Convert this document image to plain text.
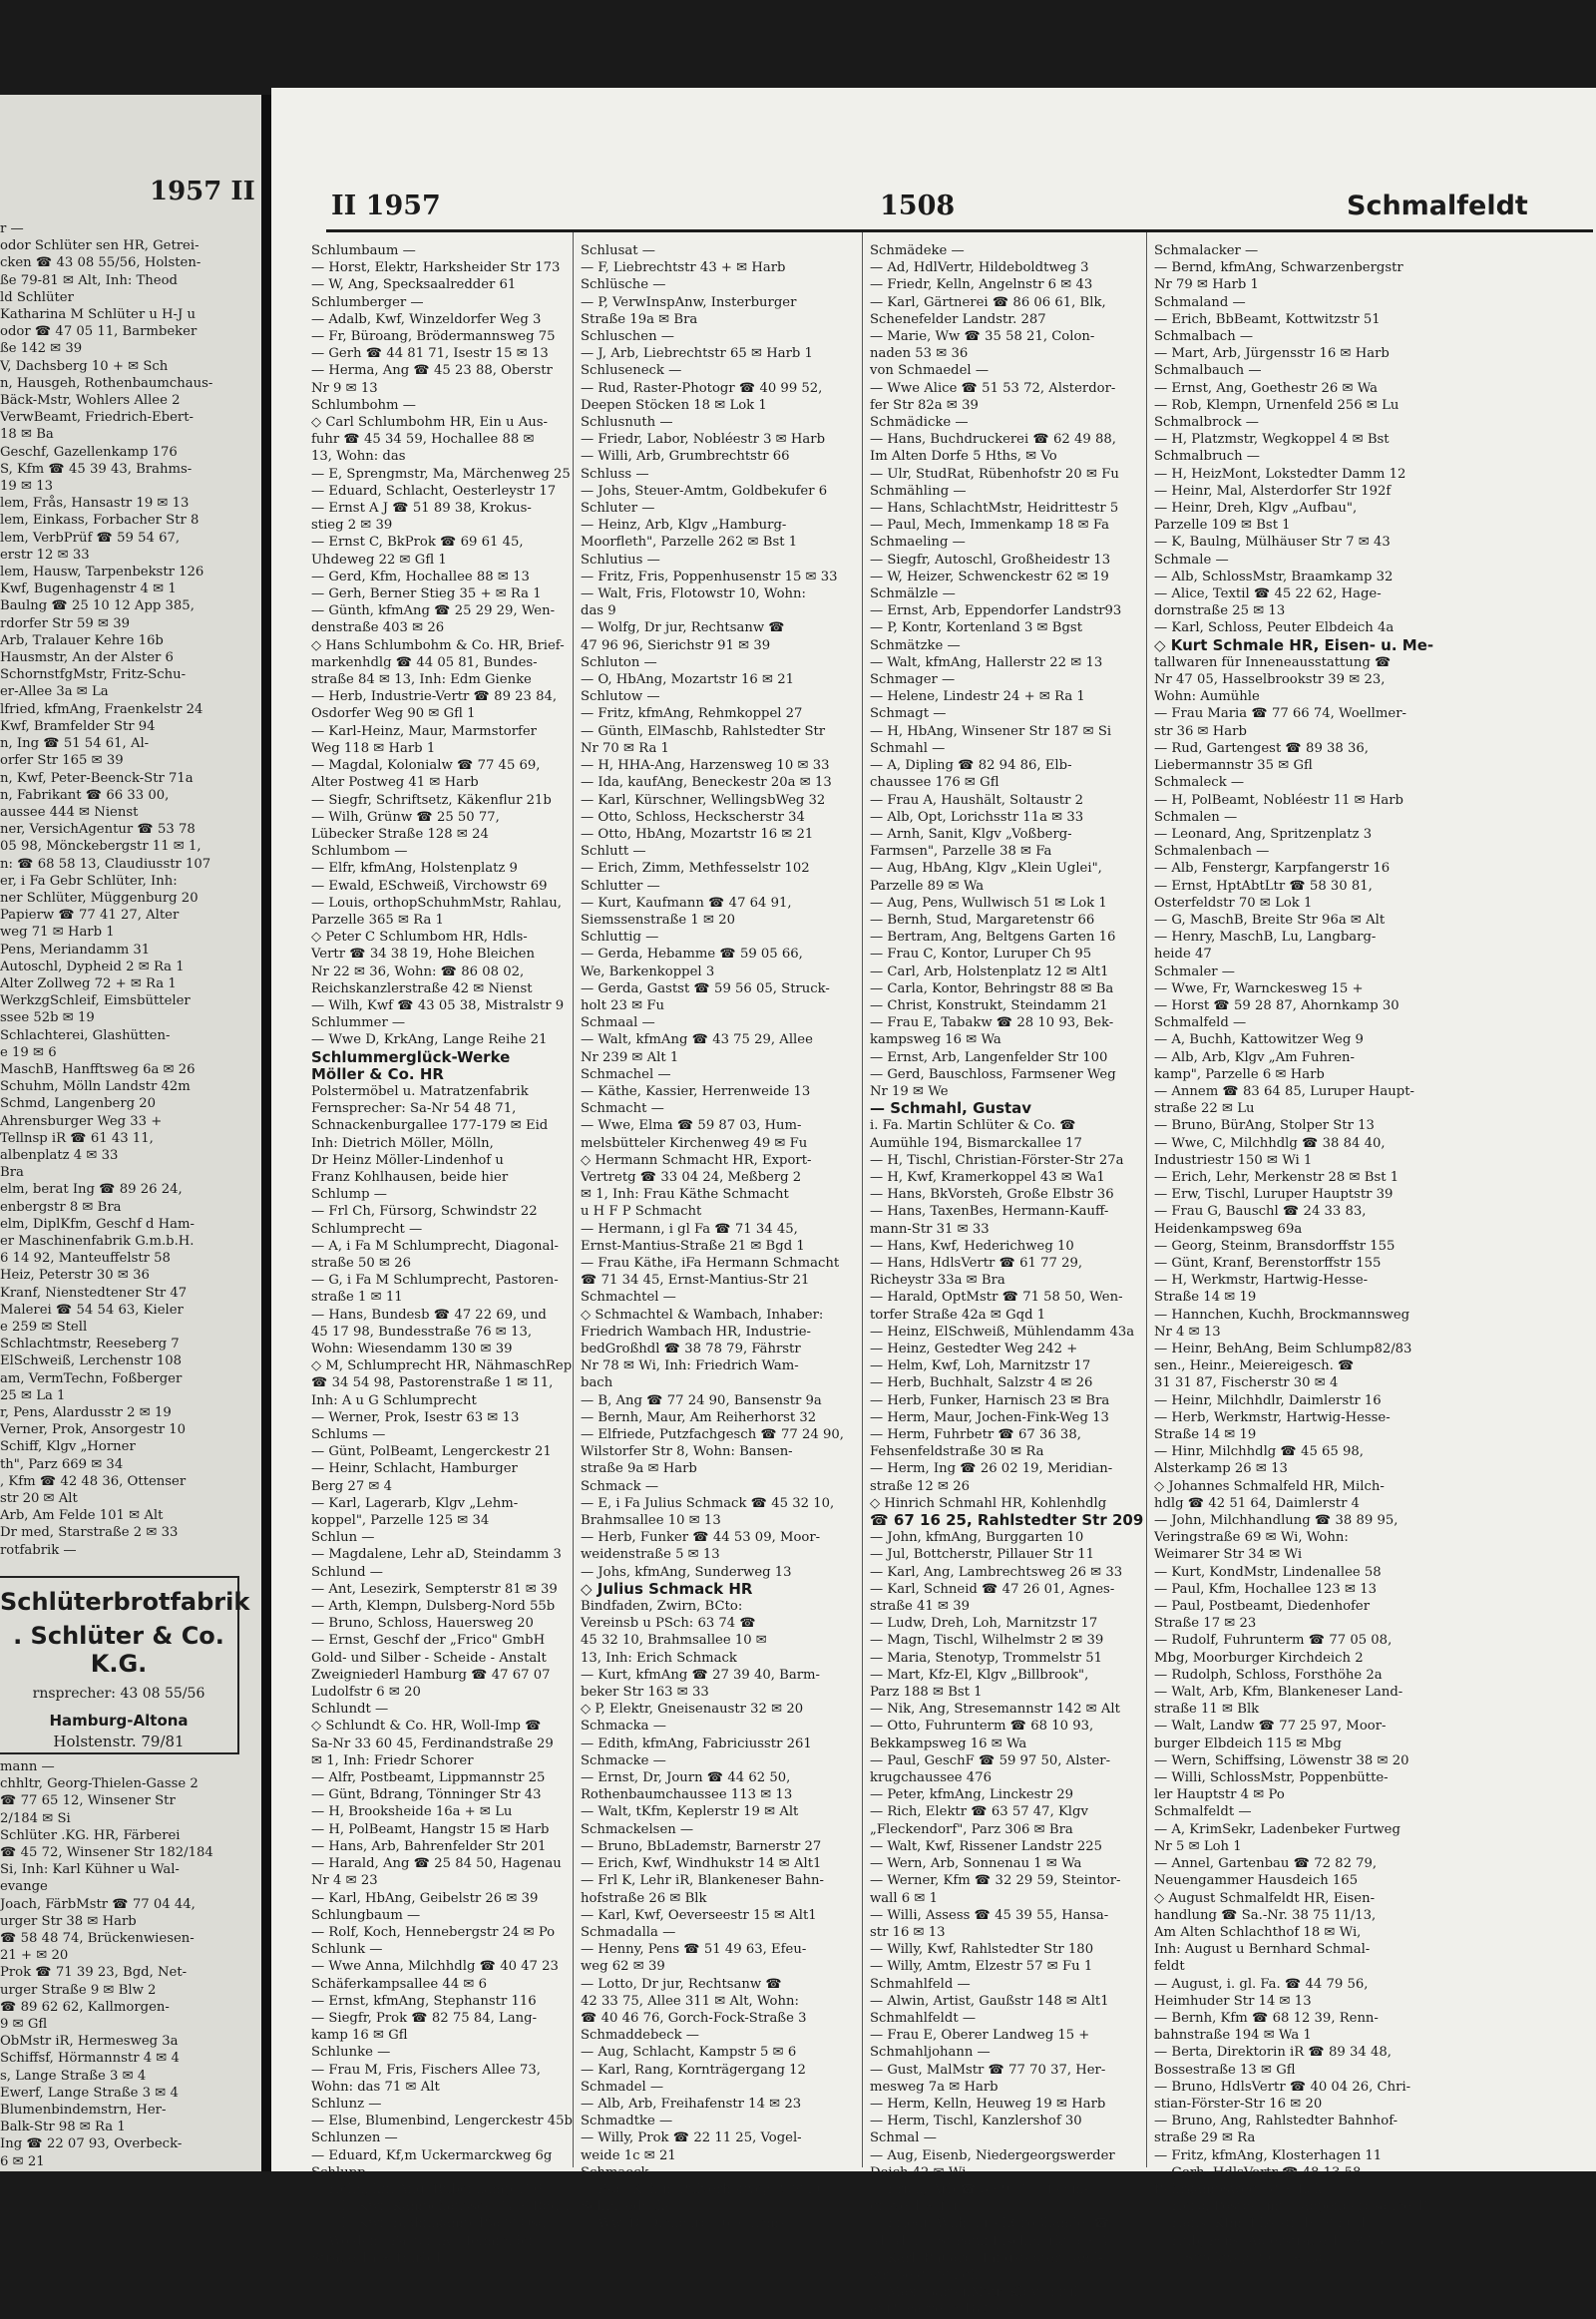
1957 II
r —
odor Schlüter sen HR, Getrei-
cken ☎ 43 08 55/56, Holsten-
ße 79-81 ✉ Alt, Inh: Theod
ld Schlüter
Katharina M Schlüter u H-J u
odor ☎ 47 05 11, Barmbeker
ße 142 ✉ 39
V, Dachsberg 10 + ✉ Sch
n, Hausgeh, Rothenbaumchaus-
Bäck-Mstr, Wohlers Allee 2
VerwBeamt, Friedrich-Ebert-
18 ✉ Ba
Geschf, Gazellenkamp 176
S, Kfm ☎ 45 39 43, Brahms-
19 ✉ 13
lem, Frås, Hansastr 19 ✉ 13
lem, Einkass, Forbacher Str 8
lem, VerbPrüf ☎ 59 54 67,
erstr 12 ✉ 33
lem, Hausw, Tarpenbekstr 126
Kwf, Bugenhagenstr 4 ✉ 1
Baulng ☎ 25 10 12 App 385,
rdorfer Str 59 ✉ 39
Arb, Tralauer Kehre 16b
Hausmstr, An der Alster 6
SchornstfgMstr, Fritz-Schu-
er-Allee 3a ✉ La
lfried, kfmAng, Fraenkelstr 24
Kwf, Bramfelder Str 94
n, Ing ☎ 51 54 61, Al-
orfer Str 165 ✉ 39
n, Kwf, Peter-Beenck-Str 71a
n, Fabrikant ☎ 66 33 00,
aussee 444 ✉ Nienst
ner, VersichAgentur ☎ 53 78
05 98, Mönckebergstr 11 ✉ 1,
n: ☎ 68 58 13, Claudiusstr 107
er, i Fa Gebr Schlüter, Inh:
ner Schlüter, Müggenburg 20
Papierw ☎ 77 41 27, Alter
weg 71 ✉ Harb 1
Pens, Meriandamm 31
Autoschl, Dypheid 2 ✉ Ra 1
Alter Zollweg 72 + ✉ Ra 1
WerkzgSchleif, Eimsbütteler
ssee 52b ✉ 19
Schlachterei, Glashütten-
e 19 ✉ 6
MaschB, Hanfftsweg 6a ✉ 26
Schuhm, Mölln Landstr 42m
Schmd, Langenberg 20
Ahrensburger Weg 33 +
Tellnsp iR ☎ 61 43 11,
albenplatz 4 ✉ 33
Bra
elm, berat Ing ☎ 89 26 24,
enbergstr 8 ✉ Bra
elm, DiplKfm, Geschf d Ham-
er Maschinenfabrik G.m.b.H.
6 14 92, Manteuffelstr 58
Heiz, Peterstr 30 ✉ 36
Kranf, Nienstedtener Str 47
Malerei ☎ 54 54 63, Kieler
e 259 ✉ Stell
Schlachtmstr, Reeseberg 7
ElSchweiß, Lerchenstr 108
am, VermTechn, Foßberger
25 ✉ La 1
r, Pens, Alardusstr 2 ✉ 19
Verner, Prok, Ansorgestr 10
Schiff, Klgv „Horner
th", Parz 669 ✉ 34
, Kfm ☎ 42 48 36, Ottenser
str 20 ✉ Alt
Arb, Am Felde 101 ✉ Alt
Dr med, Starstraße 2 ✉ 33
rotfabrik —
Schlüterbrotfabrik
. Schlüter & Co. K.G.
rnsprecher: 43 08 55/56
Hamburg-Altona
Holstenstr. 79/81
mann —
chhltr, Georg-Thielen-Gasse 2
☎ 77 65 12, Winsener Str
2/184 ✉ Si
Schlüter .KG. HR, Färberei
☎ 45 72, Winsener Str 182/184
Si, Inh: Karl Kühner u Wal-
evange
Joach, FärbMstr ☎ 77 04 44,
urger Str 38 ✉ Harb
☎ 58 48 74, Brückenwiesen-
21 + ✉ 20
Prok ☎ 71 39 23, Bgd, Net-
urger Straße 9 ✉ Blw 2
☎ 89 62 62, Kallmorgen-
9 ✉ Gfl
ObMstr iR, Hermesweg 3a
Schiffsf, Hörmannstr 4 ✉ 4
s, Lange Straße 3 ✉ 4
Ewerf, Lange Straße 3 ✉ 4
Blumenbindemstrn, Her-
Balk-Str 98 ✉ Ra 1
Ing ☎ 22 07 93, Overbeck-
6 ✉ 21
II 1957	1508	Schmalfeldt
Schlumbaum —
— Horst, Elektr, Harksheider Str 173
— W, Ang, Specksaalredder 61
Schlumberger —
— Adalb, Kwf, Winzeldorfer Weg 3
— Fr, Büroang, Brödermannsweg 75
— Gerh ☎ 44 81 71, Isestr 15 ✉ 13
— Herma, Ang ☎ 45 23 88, Oberstr
Nr 9 ✉ 13
Schlumbohm —
◇ Carl Schlumbohm HR, Ein u Aus-
fuhr ☎ 45 34 59, Hochallee 88 ✉
13, Wohn: das
— E, Sprengmstr, Ma, Märchenweg 25
— Eduard, Schlacht, Oesterleystr 17
— Ernst A J ☎ 51 89 38, Krokus-
stieg 2 ✉ 39
— Ernst C, BkProk ☎ 69 61 45,
Uhdeweg 22 ✉ Gfl 1
— Gerd, Kfm, Hochallee 88 ✉ 13
— Gerh, Berner Stieg 35 + ✉ Ra 1
— Günth, kfmAng ☎ 25 29 29, Wen-
denstraße 403 ✉ 26
◇ Hans Schlumbohm & Co. HR, Brief-
markenhdlg ☎ 44 05 81, Bundes-
straße 84 ✉ 13, Inh: Edm Gienke
— Herb, Industrie-Vertr ☎ 89 23 84,
Osdorfer Weg 90 ✉ Gfl 1
— Karl-Heinz, Maur, Marmstorfer
Weg 118 ✉ Harb 1
— Magdal, Kolonialw ☎ 77 45 69,
Alter Postweg 41 ✉ Harb
— Siegfr, Schriftsetz, Käkenflur 21b
— Wilh, Grünw ☎ 25 50 77,
Lübecker Straße 128 ✉ 24
Schlumbom —
— Elfr, kfmAng, Holstenplatz 9
— Ewald, ESchweiß, Virchowstr 69
— Louis, orthopSchuhmMstr, Rahlau,
Parzelle 365 ✉ Ra 1
◇ Peter C Schlumbom HR, Hdls-
Vertr ☎ 34 38 19, Hohe Bleichen
Nr 22 ✉ 36, Wohn: ☎ 86 08 02,
Reichskanzlerstraße 42 ✉ Nienst
— Wilh, Kwf ☎ 43 05 38, Mistralstr 9
Schlummer —
— Wwe D, KrkAng, Lange Reihe 21
Schlummerglück-Werke
Möller & Co. HR
Polstermöbel u. Matratzenfabrik
Fernsprecher: Sa-Nr 54 48 71,
Schnackenburgallee 177-179 ✉ Eid
Inh: Dietrich Möller, Mölln,
Dr Heinz Möller-Lindenhof u
Franz Kohlhausen, beide hier
Schlump —
— Frl Ch, Fürsorg, Schwindstr 22
Schlumprecht —
— A, i Fa M Schlumprecht, Diagonal-
straße 50 ✉ 26
— G, i Fa M Schlumprecht, Pastoren-
straße 1 ✉ 11
— Hans, Bundesb ☎ 47 22 69, und
45 17 98, Bundesstraße 76 ✉ 13,
Wohn: Wiesendamm 130 ✉ 39
◇ M, Schlumprecht HR, NähmaschRep
☎ 34 54 98, Pastorenstraße 1 ✉ 11,
Inh: A u G Schlumprecht
— Werner, Prok, Isestr 63 ✉ 13
Schlums —
— Günt, PolBeamt, Lengerckestr 21
— Heinr, Schlacht, Hamburger
Berg 27 ✉ 4
— Karl, Lagerarb, Klgv „Lehm-
koppel", Parzelle 125 ✉ 34
Schlun —
— Magdalene, Lehr aD, Steindamm 3
Schlund —
— Ant, Lesezirk, Sempterstr 81 ✉ 39
— Arth, Klempn, Dulsberg-Nord 55b
— Bruno, Schloss, Hauersweg 20
— Ernst, Geschf der „Frico" GmbH
Gold- und Silber - Scheide - Anstalt
Zweigniederl Hamburg ☎ 47 67 07
Ludolfstr 6 ✉ 20
Schlundt —
◇ Schlundt & Co. HR, Woll-Imp ☎
Sa-Nr 33 60 45, Ferdinandstraße 29
✉ 1, Inh: Friedr Schorer
— Alfr, Postbeamt, Lippmannstr 25
— Günt, Bdrang, Tönninger Str 43
— H, Brooksheide 16a + ✉ Lu
— H, PolBeamt, Hangstr 15 ✉ Harb
— Hans, Arb, Bahrenfelder Str 201
— Harald, Ang ☎ 25 84 50, Hagenau
Nr 4 ✉ 23
— Karl, HbAng, Geibelstr 26 ✉ 39
Schlungbaum —
— Rolf, Koch, Hennebergstr 24 ✉ Po
Schlunk —
— Wwe Anna, Milchhdlg ☎ 40 47 23
Schäferkampsallee 44 ✉ 6
— Ernst, kfmAng, Stephanstr 116
— Siegfr, Prok ☎ 82 75 84, Lang-
kamp 16 ✉ Gfl
Schlunke —
— Frau M, Fris, Fischers Allee 73,
Wohn: das 71 ✉ Alt
Schlunz —
— Else, Blumenbind, Lengerckestr 45b
Schlunzen —
— Eduard, Kf,m Uckermarckweg 6g
Schlupp —
— Helm, kfmAng, Rübenkamp 136
— Joh, Kwf, Kampchaussee 74 ✉ Bgd 1
— Joh, Kwf, Blohmkamp 48a ✉ Osd
— Woldem, Pastor iR, Heimfelder
Straße 1a ✉ Harb 1
Schlusat —
— F, Liebrechtstr 43 + ✉ Harb
Schlüsche —
— P, VerwInspAnw, Insterburger
Straße 19a ✉ Bra
Schluschen —
— J, Arb, Liebrechtstr 65 ✉ Harb 1
Schluseneck —
— Rud, Raster-Photogr ☎ 40 99 52,
Deepen Stöcken 18 ✉ Lok 1
Schlusnuth —
— Friedr, Labor, Nobléestr 3 ✉ Harb
— Willi, Arb, Grumbrechtstr 66
Schluss —
— Johs, Steuer-Amtm, Goldbekufer 6
Schluter —
— Heinz, Arb, Klgv „Hamburg-
Moorfleth", Parzelle 262 ✉ Bst 1
Schlutius —
— Fritz, Fris, Poppenhusenstr 15 ✉ 33
— Walt, Fris, Flotowstr 10, Wohn:
das 9
— Wolfg, Dr jur, Rechtsanw ☎
47 96 96, Sierichstr 91 ✉ 39
Schluton —
— O, HbAng, Mozartstr 16 ✉ 21
Schlutow —
— Fritz, kfmAng, Rehmkoppel 27
— Günth, ElMaschb, Rahlstedter Str
Nr 70 ✉ Ra 1
— H, HHA-Ang, Harzensweg 10 ✉ 33
— Ida, kaufAng, Beneckestr 20a ✉ 13
— Karl, Kürschner, WellingsbWeg 32
— Otto, Schloss, Heckscherstr 34
— Otto, HbAng, Mozartstr 16 ✉ 21
Schlutt —
— Erich, Zimm, Methfesselstr 102
Schlutter —
— Kurt, Kaufmann ☎ 47 64 91,
Siemssenstraße 1 ✉ 20
Schluttig —
— Gerda, Hebamme ☎ 59 05 66,
We, Barkenkoppel 3
— Gerda, Gastst ☎ 59 56 05, Struck-
holt 23 ✉ Fu
Schmaal —
— Walt, kfmAng ☎ 43 75 29, Allee
Nr 239 ✉ Alt 1
Schmachel —
— Käthe, Kassier, Herrenweide 13
Schmacht —
— Wwe, Elma ☎ 59 87 03, Hum-
melsbütteler Kirchenweg 49 ✉ Fu
◇ Hermann Schmacht HR, Export-
Vertretg ☎ 33 04 24, Meßberg 2
✉ 1, Inh: Frau Käthe Schmacht
u H F P Schmacht
— Hermann, i gl Fa ☎ 71 34 45,
Ernst-Mantius-Straße 21 ✉ Bgd 1
— Frau Käthe, iFa Hermann Schmacht
☎ 71 34 45, Ernst-Mantius-Str 21
Schmachtel —
◇ Schmachtel & Wambach, Inhaber:
Friedrich Wambach HR, Industrie-
bedGroßhdl ☎ 38 78 79, Fährstr
Nr 78 ✉ Wi, Inh: Friedrich Wam-
bach
— B, Ang ☎ 77 24 90, Bansenstr 9a
— Bernh, Maur, Am Reiherhorst 32
— Elfriede, Putzfachgesch ☎ 77 24 90,
Wilstorfer Str 8, Wohn: Bansen-
straße 9a ✉ Harb
Schmack —
— E, i Fa Julius Schmack ☎ 45 32 10,
Brahmsallee 10 ✉ 13
— Herb, Funker ☎ 44 53 09, Moor-
weidenstraße 5 ✉ 13
— Johs, kfmAng, Sunderweg 13
◇ Julius Schmack HR
Bindfaden, Zwirn, BCto:
Vereinsb u PSch: 63 74 ☎
45 32 10, Brahmsallee 10 ✉
13, Inh: Erich Schmack
— Kurt, kfmAng ☎ 27 39 40, Barm-
beker Str 163 ✉ 33
◇ P, Elektr, Gneisenaustr 32 ✉ 20
Schmacka —
— Edith, kfmAng, Fabriciusstr 261
Schmacke —
— Ernst, Dr, Journ ☎ 44 62 50,
Rothenbaumchaussee 113 ✉ 13
— Walt, tKfm, Keplerstr 19 ✉ Alt
Schmackelsen —
— Bruno, BbLademstr, Barnerstr 27
— Erich, Kwf, Windhukstr 14 ✉ Alt1
— Frl K, Lehr iR, Blankeneser Bahn-
hofstraße 26 ✉ Blk
— Karl, Kwf, Oeverseestr 15 ✉ Alt1
Schmadalla —
— Henny, Pens ☎ 51 49 63, Efeu-
weg 62 ✉ 39
— Lotto, Dr jur, Rechtsanw ☎
42 33 75, Allee 311 ✉ Alt, Wohn:
☎ 40 46 76, Gorch-Fock-Straße 3
Schmaddebeck —
— Aug, Schlacht, Kampstr 5 ✉ 6
— Karl, Rang, Kornträgergang 12
Schmadel —
— Alb, Arb, Freihafenstr 14 ✉ 23
Schmadtke —
— Willy, Prok ☎ 22 11 25, Vogel-
weide 1c ✉ 21
Schmaeck —
— Rob, Kohln, Pulverhofweg78 ✉ Fu
Schmaedecke —
— Ww, D, Diekbarg 36 + Lems
Schmädeke —
— Ad, HdlVertr, Hildeboldtweg 3
— Friedr, Kelln, Angelnstr 6 ✉ 43
— Karl, Gärtnerei ☎ 86 06 61, Blk,
Schenefelder Landstr. 287
— Marie, Ww ☎ 35 58 21, Colon-
naden 53 ✉ 36
von Schmaedel —
— Wwe Alice ☎ 51 53 72, Alsterdor-
fer Str 82a ✉ 39
Schmädicke —
— Hans, Buchdruckerei ☎ 62 49 88,
Im Alten Dorfe 5 Hths, ✉ Vo
— Ulr, StudRat, Rübenhofstr 20 ✉ Fu
Schmähling —
— Hans, SchlachtMstr, Heidrittestr 5
— Paul, Mech, Immenkamp 18 ✉ Fa
Schmaeling —
— Siegfr, Autoschl, Großheidestr 13
— W, Heizer, Schwenckestr 62 ✉ 19
Schmälzle —
— Ernst, Arb, Eppendorfer Landstr93
— P, Kontr, Kortenland 3 ✉ Bgst
Schmätzke —
— Walt, kfmAng, Hallerstr 22 ✉ 13
Schmager —
— Helene, Lindestr 24 + ✉ Ra 1
Schmagt —
— H, HbAng, Winsener Str 187 ✉ Si
Schmahl —
— A, Dipling ☎ 82 94 86, Elb-
chaussee 176 ✉ Gfl
— Frau A, Haushält, Soltaustr 2
— Alb, Opt, Lorichsstr 11a ✉ 33
— Arnh, Sanit, Klgv „Voßberg-
Farmsen", Parzelle 38 ✉ Fa
— Aug, HbAng, Klgv „Klein Uglei",
Parzelle 89 ✉ Wa
— Aug, Pens, Wullwisch 51 ✉ Lok 1
— Bernh, Stud, Margaretenstr 66
— Bertram, Ang, Beltgens Garten 16
— Frau C, Kontor, Luruper Ch 95
— Carl, Arb, Holstenplatz 12 ✉ Alt1
— Carla, Kontor, Behringstr 88 ✉ Ba
— Christ, Konstrukt, Steindamm 21
— Frau E, Tabakw ☎ 28 10 93, Bek-
kampsweg 16 ✉ Wa
— Ernst, Arb, Langenfelder Str 100
— Gerd, Bauschloss, Farmsener Weg
Nr 19 ✉ We
— Schmahl, Gustav
i. Fa. Martin Schlüter & Co. ☎
Aumühle 194, Bismarckallee 17
— H, Tischl, Christian-Förster-Str 27a
— H, Kwf, Kramerkoppel 43 ✉ Wa1
— Hans, BkVorsteh, Große Elbstr 36
— Hans, TaxenBes, Hermann-Kauff-
mann-Str 31 ✉ 33
— Hans, Kwf, Hederichweg 10
— Hans, HdlsVertr ☎ 61 77 29,
Richeystr 33a ✉ Bra
— Harald, OptMstr ☎ 71 58 50, Wen-
torfer Straße 42a ✉ Gqd 1
— Heinz, ElSchweiß, Mühlendamm 43a
— Heinz, Gestedter Weg 242 +
— Helm, Kwf, Loh, Marnitzstr 17
— Herb, Buchhalt, Salzstr 4 ✉ 26
— Herb, Funker, Harnisch 23 ✉ Bra
— Herm, Maur, Jochen-Fink-Weg 13
— Herm, Fuhrbetr ☎ 67 36 38,
Fehsenfeldstraße 30 ✉ Ra
— Herm, Ing ☎ 26 02 19, Meridian-
straße 12 ✉ 26
◇ Hinrich Schmahl HR, Kohlenhdlg
☎ 67 16 25, Rahlstedter Str 209
— John, kfmAng, Burggarten 10
— Jul, Bottcherstr, Pillauer Str 11
— Karl, Ang, Lambrechtsweg 26 ✉ 33
— Karl, Schneid ☎ 47 26 01, Agnes-
straße 41 ✉ 39
— Ludw, Dreh, Loh, Marnitzstr 17
— Magn, Tischl, Wilhelmstr 2 ✉ 39
— Maria, Stenotyp, Trommelstr 51
— Mart, Kfz-El, Klgv „Billbrook",
Parz 188 ✉ Bst 1
— Nik, Ang, Stresemannstr 142 ✉ Alt
— Otto, Fuhrunterm ☎ 68 10 93,
Bekkampsweg 16 ✉ Wa
— Paul, GeschF ☎ 59 97 50, Alster-
krugchaussee 476
— Peter, kfmAng, Linckestr 29
— Rich, Elektr ☎ 63 57 47, Klgv
„Fleckendorf", Parz 306 ✉ Bra
— Walt, Kwf, Rissener Landstr 225
— Wern, Arb, Sonnenau 1 ✉ Wa
— Werner, Kfm ☎ 32 29 59, Steintor-
wall 6 ✉ 1
— Willi, Assess ☎ 45 39 55, Hansa-
str 16 ✉ 13
— Willy, Kwf, Rahlstedter Str 180
— Willy, Amtm, Elzestr 57 ✉ Fu 1
Schmahlfeld —
— Alwin, Artist, Gaußstr 148 ✉ Alt1
Schmahlfeldt —
— Frau E, Oberer Landweg 15 +
Schmahljohann —
— Gust, MalMstr ☎ 77 70 37, Her-
mesweg 7a ✉ Harb
— Herm, Kelln, Heuweg 19 ✉ Harb
— Herm, Tischl, Kanzlershof 30
Schmal —
— Aug, Eisenb, Niedergeorgswerder
Deich 42 ✉ Wi
— Erich, Arb ☎ 59 95 75, Leem-
grove 4 ✉ Fu
— Friedr, Wilh, FischGroßhandel ☎
31 31 13, St.Pauli Fischmarkt 5 ✉ 4
— Karl, Bauarb, Tangstedter Land-
straße 87 ✉ Lgh
— Max, GartenMstr, Klgv „Früh
auf", Parzelle 183 ✉ 20
Schmalacker —
— Bernd, kfmAng, Schwarzenbergstr
Nr 79 ✉ Harb 1
Schmaland —
— Erich, BbBeamt, Kottwitzstr 51
Schmalbach —
— Mart, Arb, Jürgensstr 16 ✉ Harb
Schmalbauch —
— Ernst, Ang, Goethestr 26 ✉ Wa
— Rob, Klempn, Urnenfeld 256 ✉ Lu
Schmalbrock —
— H, Platzmstr, Wegkoppel 4 ✉ Bst
Schmalbruch —
— H, HeizMont, Lokstedter Damm 12
— Heinr, Mal, Alsterdorfer Str 192f
— Heinr, Dreh, Klgv „Aufbau",
Parzelle 109 ✉ Bst 1
— K, Baulng, Mülhäuser Str 7 ✉ 43
Schmale —
— Alb, SchlossMstr, Braamkamp 32
— Alice, Textil ☎ 45 22 62, Hage-
dornstraße 25 ✉ 13
— Karl, Schloss, Peuter Elbdeich 4a
◇ Kurt Schmale HR, Eisen- u. Me-
tallwaren für Inneneausstattung ☎
Nr 47 05, Hasselbrookstr 39 ✉ 23,
Wohn: Aumühle
— Frau Maria ☎ 77 66 74, Woellmer-
str 36 ✉ Harb
— Rud, Gartengest ☎ 89 38 36,
Liebermannstr 35 ✉ Gfl
Schmaleck —
— H, PolBeamt, Nobléestr 11 ✉ Harb
Schmalen —
— Leonard, Ang, Spritzenplatz 3
Schmalenbach —
— Alb, Fenstergr, Karpfangerstr 16
— Ernst, HptAbtLtr ☎ 58 30 81,
Osterfeldstr 70 ✉ Lok 1
— G, MaschB, Breite Str 96a ✉ Alt
— Henry, MaschB, Lu, Langbarg-
heide 47
Schmaler —
— Wwe, Fr, Warnckesweg 15 +
— Horst ☎ 59 28 87, Ahornkamp 30
Schmalfeld —
— A, Buchh, Kattowitzer Weg 9
— Alb, Arb, Klgv „Am Fuhren-
kamp", Parzelle 6 ✉ Harb
— Annem ☎ 83 64 85, Luruper Haupt-
straße 22 ✉ Lu
— Bruno, BürAng, Stolper Str 13
— Wwe, C, Milchhdlg ☎ 38 84 40,
Industriestr 150 ✉ Wi 1
— Erich, Lehr, Merkenstr 28 ✉ Bst 1
— Erw, Tischl, Luruper Hauptstr 39
— Frau G, Bauschl ☎ 24 33 83,
Heidenkampsweg 69a
— Georg, Steinm, Bransdorffstr 155
— Günt, Kranf, Berenstorffstr 155
— H, Werkmstr, Hartwig-Hesse-
Straße 14 ✉ 19
— Hannchen, Kuchh, Brockmannsweg
Nr 4 ✉ 13
— Heinr, BehAng, Beim Schlump82/83
sen., Heinr., Meiereigesch. ☎
31 31 87, Fischerstr 30 ✉ 4
— Heinr, Milchhdlr, Daimlerstr 16
— Herb, Werkmstr, Hartwig-Hesse-
Straße 14 ✉ 19
— Hinr, Milchhdlg ☎ 45 65 98,
Alsterkamp 26 ✉ 13
◇ Johannes Schmalfeld HR, Milch-
hdlg ☎ 42 51 64, Daimlerstr 4
— John, Milchhandlung ☎ 38 89 95,
Veringstraße 69 ✉ Wi, Wohn:
Weimarer Str 34 ✉ Wi
— Kurt, KondMstr, Lindenallee 58
— Paul, Kfm, Hochallee 123 ✉ 13
— Paul, Postbeamt, Diedenhofer
Straße 17 ✉ 23
— Rudolf, Fuhrunterm ☎ 77 05 08,
Mbg, Moorburger Kirchdeich 2
— Rudolph, Schloss, Forsthöhe 2a
— Walt, Arb, Kfm, Blankeneser Land-
straße 11 ✉ Blk
— Walt, Landw ☎ 77 25 97, Moor-
burger Elbdeich 115 ✉ Mbg
— Wern, Schiffsing, Löwenstr 38 ✉ 20
— Willi, SchlossMstr, Poppenbütte-
ler Hauptstr 4 ✉ Po
Schmalfeldt —
— A, KrimSekr, Ladenbeker Furtweg
Nr 5 ✉ Loh 1
— Annel, Gartenbau ☎ 72 82 79,
Neuengammer Hausdeich 165
◇ August Schmalfeldt HR, Eisen-
handlung ☎ Sa.-Nr. 38 75 11/13,
Am Alten Schlachthof 18 ✉ Wi,
Inh: August u Bernhard Schmal-
feldt
— August, i. gl. Fa. ☎ 44 79 56,
Heimhuder Str 14 ✉ 13
— Bernh, Kfm ☎ 68 12 39, Renn-
bahnstraße 194 ✉ Wa 1
— Berta, Direktorin iR ☎ 89 34 48,
Bossestraße 13 ✉ Gfl
— Bruno, HdlsVertr ☎ 40 04 26, Chri-
stian-Förster-Str 16 ✉ 20
— Bruno, Ang, Rahlstedter Bahnhof-
straße 29 ✉ Ra
— Fritz, kfmAng, Klosterhagen 11
— Gerh, HdlsVertr ☎ 48 13 58,
Behrkampsweg 38 ✉ Lok
— Herb, Postbeamt, Lappenbergsallee 43
— Hans, Kfm, Elzestr 49 ✉ Fu 1
— Hub, Pens, Adlerstraße 15 ✉ 33
— J, Stückweg 30 + ✉ Lu
